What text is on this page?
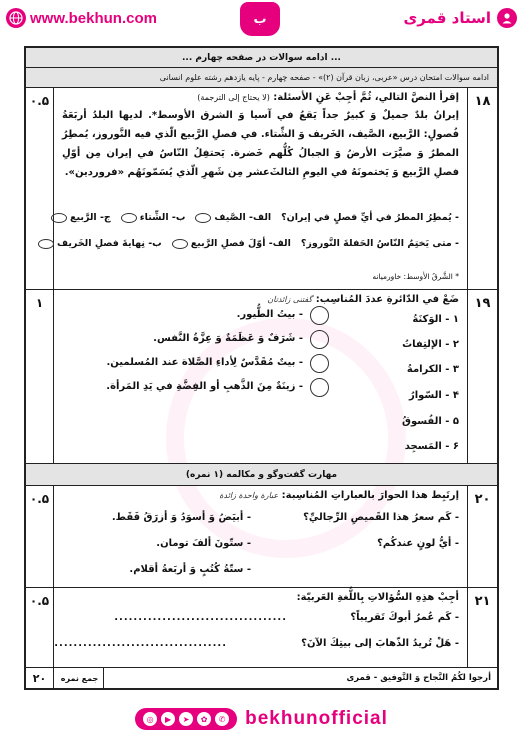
www.bekhun.com	ب	استاد قمری
... ادامه سوالات در صفحه چهارم ...
ادامه سوالات امتحان درس «عربی، زبان قرآن (۲)» - صفحه چهارم - پایه یازدهم رشته علوم انسانی
۱۸
۰.۵	إقرأ النصَّ التالي، ثُمَّ أجِبْ عَنِ الأسئلة: (لا يحتاج إلى الترجمة)
إيرانُ بلدٌ جميلٌ وَ كبيرٌ جداً يَقعُ في آسيا وَ الشرق الأوسط*. لديها البلدُ أربَعَةُ فُصولٍ: الرَّبيع، الصَّيف، الخَريف وَ الشِّتاء. في فصلِ الرَّبيع الّذي فيه النَّوروز، يُمطِرُ المطرُ وَ صيَّرَت الأرضُ وَ الجبالُ كُلُّهم خَضرة. يَحتفِلُ النّاسُ في إيران مِن أوّلِ فصلِ الرَّبيع وَ يَختمونَهُ في اليومِ الثالثَ‌عشر مِن شَهرِ الّذي يُسَمّونَهُم «فروردين».
- يُمطِرُ المطرُ في أيِّ فصلٍ في إيران؟
الف- الصَّيف
ب- الشِّتاء
ج- الرَّبيع
- متى يَختِمُ النّاسُ الحَفلةَ النَّوروز؟
الف- أوّلَ فصلِ الرَّبيع
ب- نِهايةَ فصلِ الخَريف
* الشَّرقُ الأوسط: خاورمیانه
۱۹
۱	ضَعْ في الدّائرةِ عددَ المُناسِب: گفتنی زائدتان
۱ - الوَكنَةُ
۲ - الإلتِفاتُ
۳ - الكرامةُ
۴ - السّوارُ
۵ - الفُسوقُ
۶ - المَسجِد
- بيتُ الطُّيور.
- شَرَفٌ وَ عَظَمَةٌ وَ عِزَّةُ النَّفس.
- بيتٌ مُقَدَّسٌ لِأداءِ الصَّلاة عند المُسلمين.
- زينَةٌ مِنَ الذَّهبِ أو الفِضَّةِ في يَدِ المَرأة.
مهارت گفت‌وگو و مکالمه (۱ نمره)
۲۰
۰.۵	إرتَبِط هذا الحوارَ بالعباراتِ المُناسِبة: عبارة واحدة زائدة
- كَم سعرُ هذا القَميصِ الرِّجاليِّ؟
- أيُّ لونٍ عندكُم؟
- أبيَضُ وَ أسوَدُ وَ أزرَقُ فَقَط.
- ستّونَ ألفَ تومان.
- ستّةُ كُتُبٍ وَ أربَعةُ أقلام.
۲۱
۰.۵	أجِبْ هذِهِ السُّؤالاتِ بِاللُّغةِ العَربيّة:
- كَم عُمرُ أبوكَ تَقريباً؟
....................................
- هَلْ تُريدُ الذّهابَ إلى بيتِكَ الآنَ؟
....................................
أرجوا لكُمُ النَّجاح وَ التَّوفيق - قمری
جمع نمره
۲۰
◎	▶	➤	✿	✆ bekhunofficial
